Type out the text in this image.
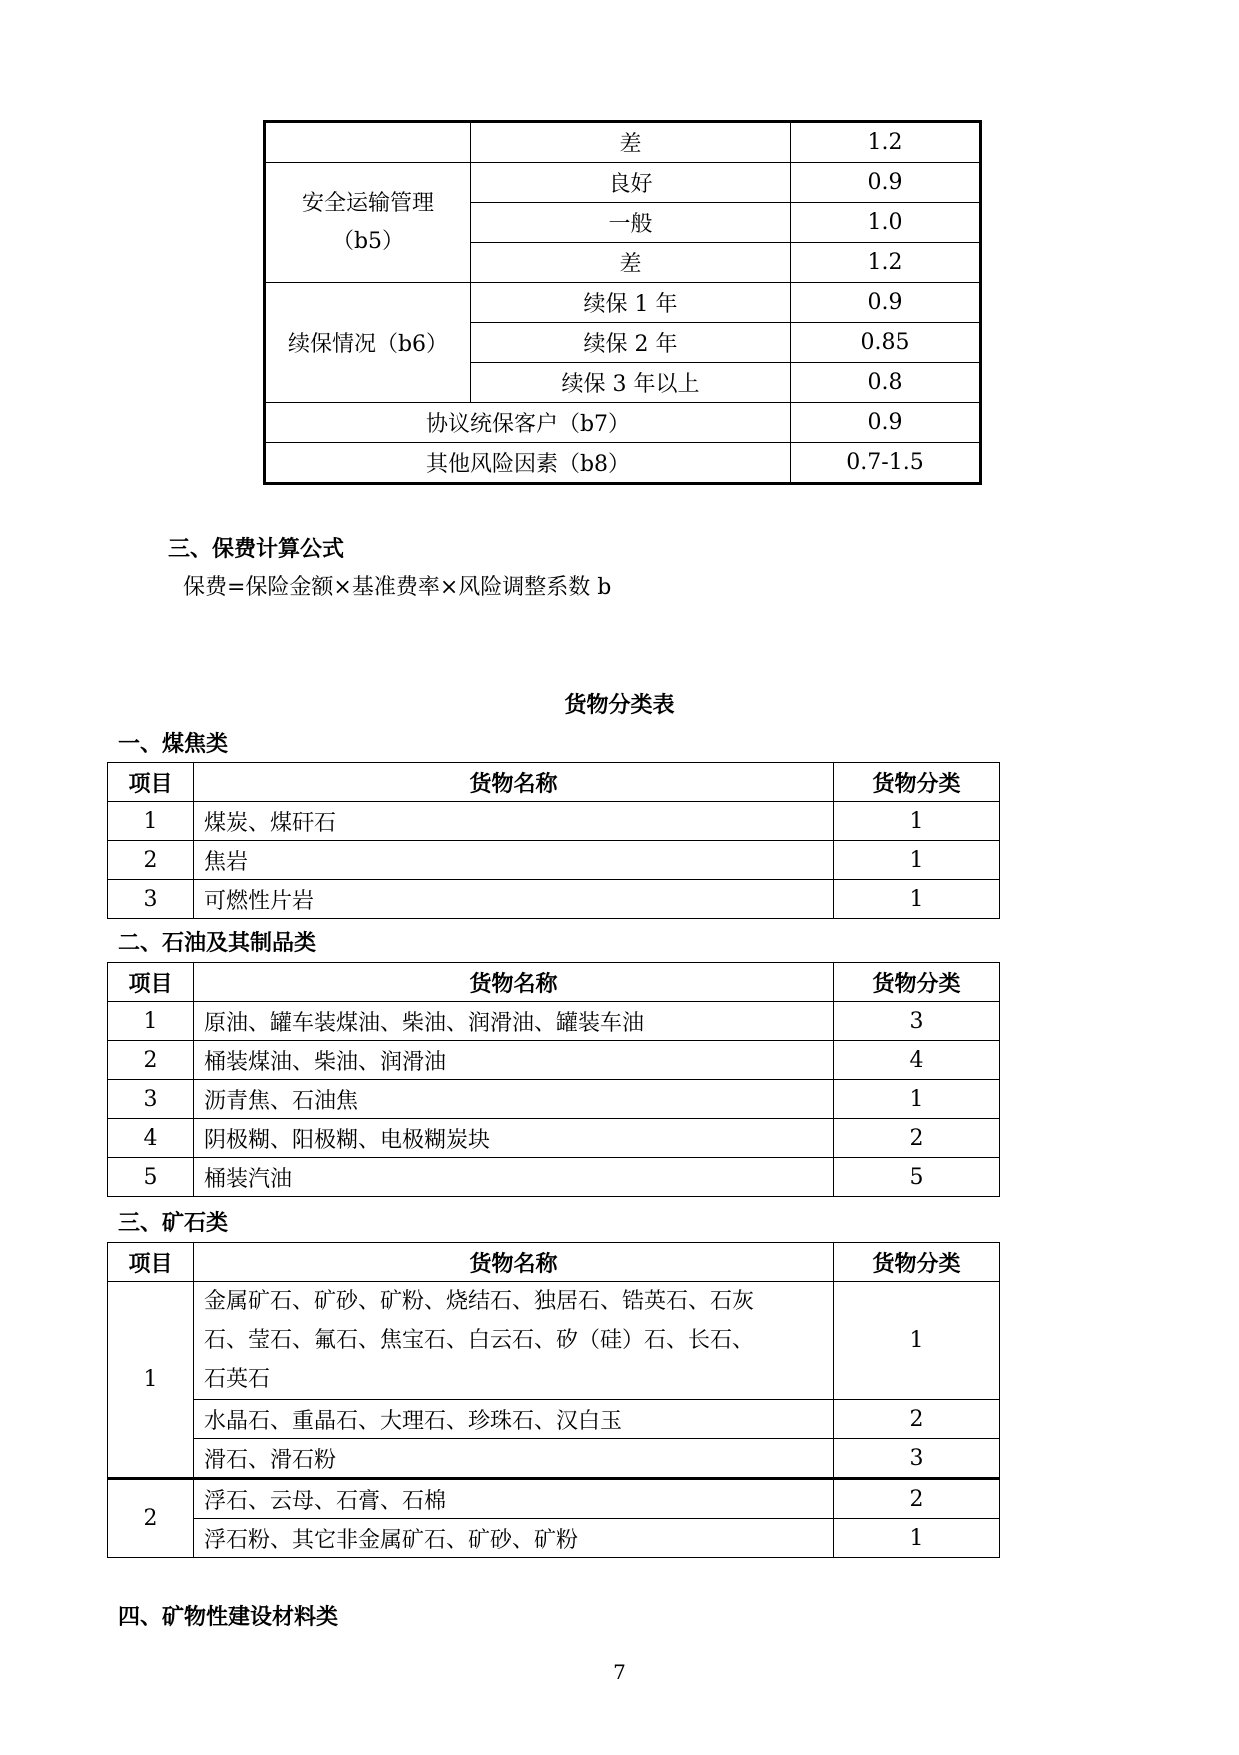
	差	1.2
安全运输管理
（b5）	良好	0.9
	一般	1.0
	差	1.2
续保情况（b6）	续保 1 年	0.9
	续保 2 年	0.85
	续保 3 年以上	0.8
协议统保客户（b7）		0.9
其他风险因素（b8）		0.7-1.5
三、保费计算公式

保费=保险金额×基准费率×风险调整系数 b

货物分类表
一、煤焦类
项目	货物名称	货物分类
1	煤炭、煤矸石	1
2	焦岩	1
3	可燃性片岩	1
二、石油及其制品类
项目	货物名称	货物分类
1	原油、罐车装煤油、柴油、润滑油、罐装车油	3
2	桶装煤油、柴油、润滑油	4
3	沥青焦、石油焦	1
4	阴极糊、阳极糊、电极糊炭块	2
5	桶装汽油	5
三、矿石类
项目	货物名称	货物分类
1	金属矿石、矿砂、矿粉、烧结石、独居石、锆英石、石灰
石、莹石、氟石、焦宝石、白云石、矽（硅）石、长石、
石英石	1
	水晶石、重晶石、大理石、珍珠石、汉白玉	2
	滑石、滑石粉	3
2	浮石、云母、石膏、石棉	2
	浮石粉、其它非金属矿石、矿砂、矿粉	1
四、矿物性建设材料类
7
